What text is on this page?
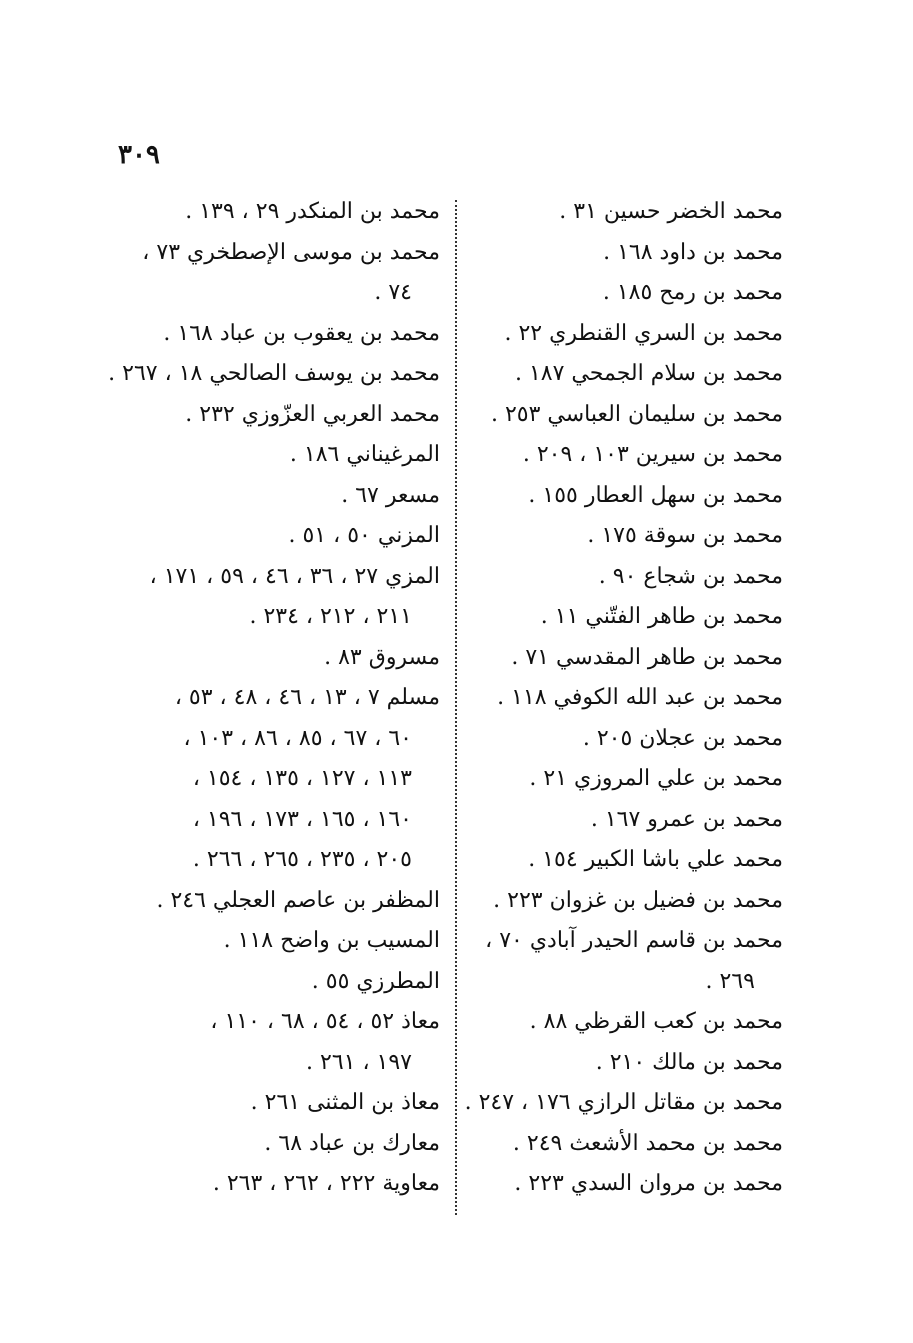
٣٠٩

محمد الخضر حسين ٣١ .

محمد بن داود ١٦٨ .

محمد بن رمح ١٨٥ .

محمد بن السري القنطري ٢٢ .

محمد بن سلام الجمحي ١٨٧ .

محمد بن سليمان العباسي ٢٥٣ .

محمد بن سيرين ١٠٣ ، ٢٠٩ .

محمد بن سهل العطار ١٥٥ .

محمد بن سوقة ١٧٥ .

محمد بن شجاع ٩٠ .

محمد بن طاهر الفتّني ١١ .

محمد بن طاهر المقدسي ٧١ .

محمد بن عبد الله الكوفي ١١٨ .

محمد بن عجلان ٢٠٥ .

محمد بن علي المروزي ٢١ .

محمد بن عمرو ١٦٧ .

محمد علي باشا الكبير ١٥٤ .

محمد بن فضيل بن غزوان ٢٢٣ .

محمد بن قاسم الحيدر آبادي ٧٠ ،

٢٦٩ .

محمد بن كعب القرظي ٨٨ .

محمد بن مالك ٢١٠ .

محمد بن مقاتل الرازي ١٧٦ ، ٢٤٧ .

محمد بن محمد الأشعث ٢٤٩ .

محمد بن مروان السدي ٢٢٣ .

محمد بن المنكدر ٢٩ ، ١٣٩ .

محمد بن موسى الإصطخري ٧٣ ،

٧٤ .

محمد بن يعقوب بن عباد ١٦٨ .

محمد بن يوسف الصالحي ١٨ ، ٢٦٧ .

محمد العربي العزّوزي ٢٣٢ .

المرغيناني ١٨٦ .

مسعر ٦٧ .

المزني ٥٠ ، ٥١ .

المزي ٢٧ ، ٣٦ ، ٤٦ ، ٥٩ ، ١٧١ ،

٢١١ ، ٢١٢ ، ٢٣٤ .

مسروق ٨٣ .

مسلم ٧ ، ١٣ ، ٤٦ ، ٤٨ ، ٥٣ ،

٦٠ ، ٦٧ ، ٨٥ ، ٨٦ ، ١٠٣ ،

١١٣ ، ١٢٧ ، ١٣٥ ، ١٥٤ ،

١٦٠ ، ١٦٥ ، ١٧٣ ، ١٩٦ ،

٢٠٥ ، ٢٣٥ ، ٢٦٥ ، ٢٦٦ .

المظفر بن عاصم العجلي ٢٤٦ .

المسيب بن واضح ١١٨ .

المطرزي ٥٥ .

معاذ ٥٢ ، ٥٤ ، ٦٨ ، ١١٠ ،

١٩٧ ، ٢٦١ .

معاذ بن المثنى ٢٦١ .

معارك بن عباد ٦٨ .

معاوية ٢٢٢ ، ٢٦٢ ، ٢٦٣ .
